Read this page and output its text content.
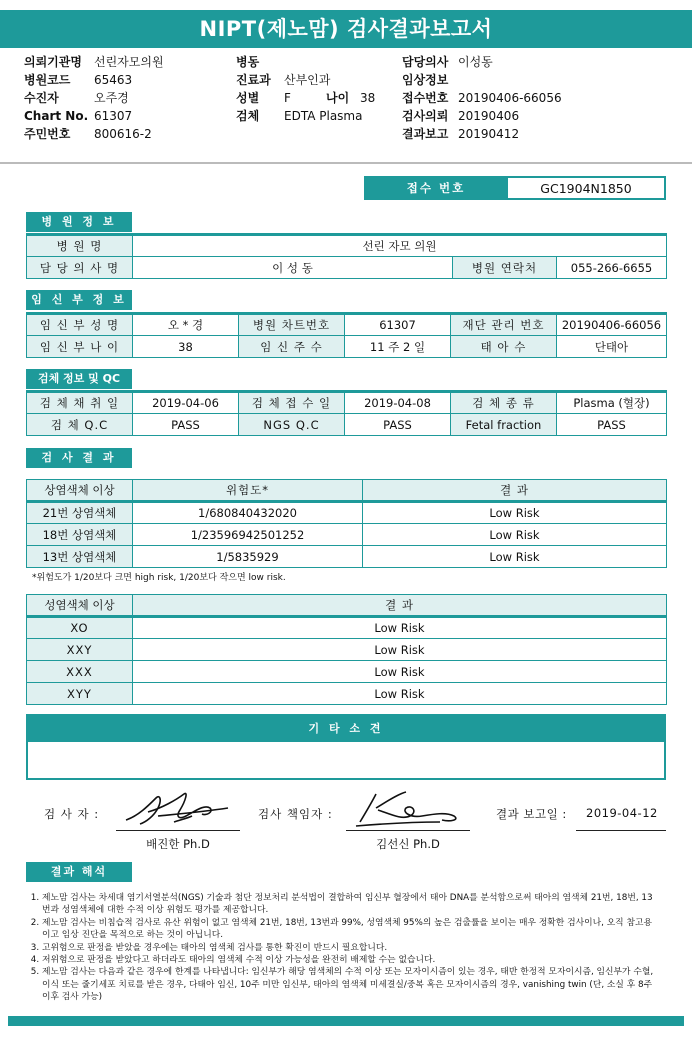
NIPT(제노맘) 검사결과보고서
의뢰기관명 선린자모의원
병원코드 65463
수진자	오주경
Chart No. 61307
주민번호 800616-2
병동
진료과 산부인과
성별 F	나이 38
검체 EDTA Plasma
담당의사 이성동
임상정보
접수번호 20190406-66056
검사의뢰 20190406
결과보고 20190412
접수 번호	GC1904N1850
병 원 정 보
병 원 명	선린 자모 의원		
담 당 의 사 명	이 성 동	병원 연락처	055-266-6655
임 신 부 정 보
임 신 부 성 명	오 * 경	병원 차트번호	61307	재단 관리 번호	20190406-66056
임 신 부 나 이	38	임 신 주 수	11 주 2 일	태 아 수	단태아
검체 정보 및 QC
검 체 채 취 일	2019-04-06	검 체 접 수 일	2019-04-08	검 체 종 류	Plasma (혈장)
검 체 Q.C	PASS	NGS Q.C	PASS	Fetal fraction	PASS
검 사 결 과
상염색체 이상	위험도*	결 과
21번 상염색체	1/680840432020	Low Risk
18번 상염색체	1/23596942501252	Low Risk
13번 상염색체	1/5835929	Low Risk
*위험도가 1/20보다 크면 high risk, 1/20보다 작으면 low risk.
성염색체 이상	결 과
XO	Low Risk
XXY	Low Risk
XXX	Low Risk
XYY	Low Risk
기 타 소 견
검 사 자 :
배진한 Ph.D
검사 책임자 :
김선신 Ph.D
결과 보고일 : 2019-04-12
결과 해석
1. 제노맘 검사는 차세대 염기서열분석(NGS) 기술과 첨단 정보처리 분석법이 결합하여 임신부 혈장에서 태아 DNA를 분석함으로써 태아의 염색체 21번, 18번, 13번과 성염색체에 대한 수적 이상 위험도 평가를 제공합니다.
2. 제노맘 검사는 비침습적 검사로 유산 위험이 없고 염색체 21번, 18번, 13번과 99%, 성염색체 95%의 높은 검출률을 보이는 매우 정확한 검사이나, 오직 참고용이고 임상 진단을 목적으로 하는 것이 아닙니다.
3. 고위험으로 판정을 받았을 경우에는 태아의 염색체 검사를 통한 확진이 반드시 필요합니다.
4. 저위험으로 판정을 받았다고 하더라도 태아의 염색체 수적 이상 가능성을 완전히 배제할 수는 없습니다.
5. 제노맘 검사는 다음과 같은 경우에 한계를 나타냅니다: 임신부가 해당 염색체의 수적 이상 또는 모자이시즘이 있는 경우, 태반 한정적 모자이시즘, 임신부가 수혈, 이식 또는 줄기세포 치료를 받은 경우, 다태아 임신, 10주 미만 임신부, 태아의 염색체 미세결실/중복 혹은 모자이시즘의 경우, vanishing twin (단, 소실 후 8주 이후 검사 가능)
